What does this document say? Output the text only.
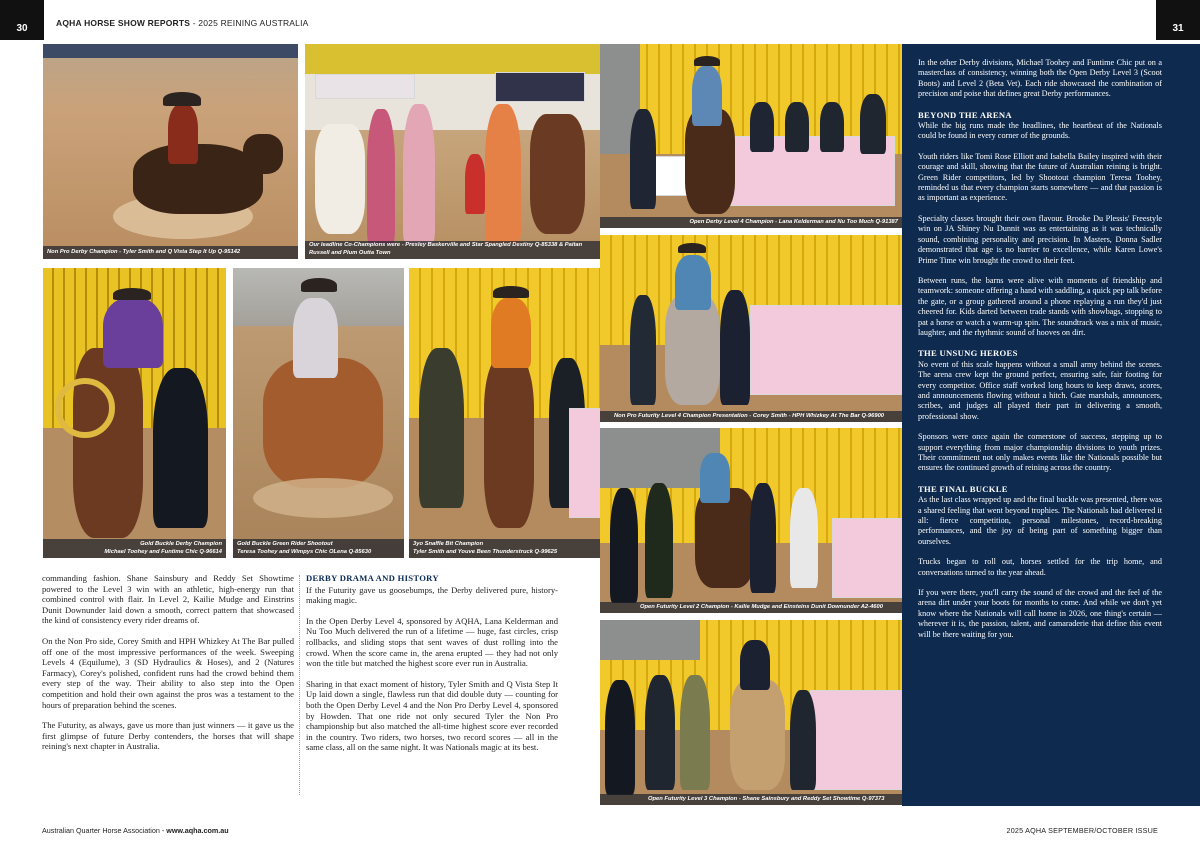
30	AQHA HORSE SHOW REPORTS - 2025 REINING AUSTRALIA	31
Non Pro Derby Champion - Tyler Smith and Q Vista Step It Up Q-95142
Our leadline Co-Champions were - Presley Baskerville and Star Spangled Destiny Q-85338 & Paitan Russell and Plum Outta Town
Open Derby Level 4 Champion - Lana Kelderman and Nu Too Much Q-91387
Gold Buckle Derby Champion
Michael Toohey and Funtime Chic Q-96614
Gold Buckle Green Rider Shootout
Teresa Toohey and Wimpys Chic OLena Q-85630
3yo Snaffle Bit Champion
Tyler Smith and Youve Been Thunderstruck Q-99625
Non Pro Futurity Level 4 Champion Presentation - Corey Smith - HPH Whizkey At The Bar Q-96900
Open Futurity Level 2 Champion - Kailie Mudge and Einsteins Dunit Downunder A2-4600
Open Futurity Level 3 Champion - Shane Sainsbury and Reddy Set Showtime Q-97373

commanding fashion. Shane Sainsbury and Reddy Set Showtime powered to the Level 3 win with an athletic, high-energy run that combined control with flair. In Level 2, Kailie Mudge and Einstrins Dunit Downunder laid down a smooth, correct pattern that showcased the kind of consistency every rider dreams of.

On the Non Pro side, Corey Smith and HPH Whizkey At The Bar pulled off one of the most impressive performances of the week. Sweeping Levels 4 (Equilume), 3 (SD Hydraulics & Hoses), and 2 (Natures Farmacy), Corey's polished, confident runs had the crowd behind them every step of the way. Their ability to also step into the Open competition and hold their own against the pros was a testament to the hours of preparation behind the scenes.

The Futurity, as always, gave us more than just winners — it gave us the first glimpse of future Derby contenders, the horses that will shape reining's next chapter in Australia.

DERBY DRAMA AND HISTORY

If the Futurity gave us goosebumps, the Derby delivered pure, history-making magic.

In the Open Derby Level 4, sponsored by AQHA, Lana Kelderman and Nu Too Much delivered the run of a lifetime — huge, fast circles, crisp rollbacks, and sliding stops that sent waves of dust rolling into the crowd. When the score came in, the arena erupted — they had not only won the title but matched the highest score ever run in Australia.

Sharing in that exact moment of history, Tyler Smith and Q Vista Step It Up laid down a single, flawless run that did double duty — counting for both the Open Derby Level 4 and the Non Pro Derby Level 4, sponsored by Howden. That one ride not only secured Tyler the Non Pro championship but also matched the all-time highest score ever recorded in the country. Two riders, two horses, two record scores — all in the same class, all on the same night. It was Nationals magic at its best.

In the other Derby divisions, Michael Toohey and Funtime Chic put on a masterclass of consistency, winning both the Open Derby Level 3 (Scoot Boots) and Level 2 (Beta Vet). Each ride showcased the combination of precision and poise that defines great Derby performances.

BEYOND THE ARENA

While the big runs made the headlines, the heartbeat of the Nationals could be found in every corner of the grounds.

Youth riders like Tomi Rose Elliott and Isabella Bailey inspired with their courage and skill, showing that the future of Australian reining is bright. Green Rider competitors, led by Shootout champion Teresa Toohey, reminded us that every champion starts somewhere — and that passion is as important as experience.

Specialty classes brought their own flavour. Brooke Du Plessis' Freestyle win on JA Shiney Nu Dunnit was as entertaining as it was technically sound, combining personality and precision. In Masters, Donna Sadler demonstrated that age is no barrier to excellence, while Karen Lowe's Prime Time win brought the crowd to their feet.

Between runs, the barns were alive with moments of friendship and teamwork: someone offering a hand with saddling, a quick pep talk before the gate, or a group gathered around a phone replaying a run they'd just cheered for. Kids darted between trade stands with showbags, stopping to pat a horse or watch a warm-up spin. The soundtrack was a mix of music, laughter, and the rhythmic sound of hooves on dirt.

THE UNSUNG HEROES

No event of this scale happens without a small army behind the scenes. The arena crew kept the ground perfect, ensuring safe, fair footing for every competitor. Office staff worked long hours to keep draws, scores, and announcements flowing without a hitch. Gate marshals, announcers, scribes, and judges all played their part in delivering a smooth, professional show.

Sponsors were once again the cornerstone of success, stepping up to support everything from major championship divisions to youth prizes. Their commitment not only makes events like the Nationals possible but ensures the continued growth of reining across the country.

THE FINAL BUCKLE

As the last class wrapped up and the final buckle was presented, there was a shared feeling that went beyond trophies. The Nationals had delivered it all: fierce competition, personal milestones, record-breaking performances, and the joy of being part of something bigger than ourselves.

Trucks began to roll out, horses settled for the trip home, and conversations turned to the year ahead.

If you were there, you'll carry the sound of the crowd and the feel of the arena dirt under your boots for months to come. And while we don't yet know where the Nationals will call home in 2026, one thing's certain — wherever it is, the passion, talent, and camaraderie that define this event will be there waiting for you.

Australian Quarter Horse Association - www.aqha.com.au	2025 AQHA SEPTEMBER/OCTOBER ISSUE
